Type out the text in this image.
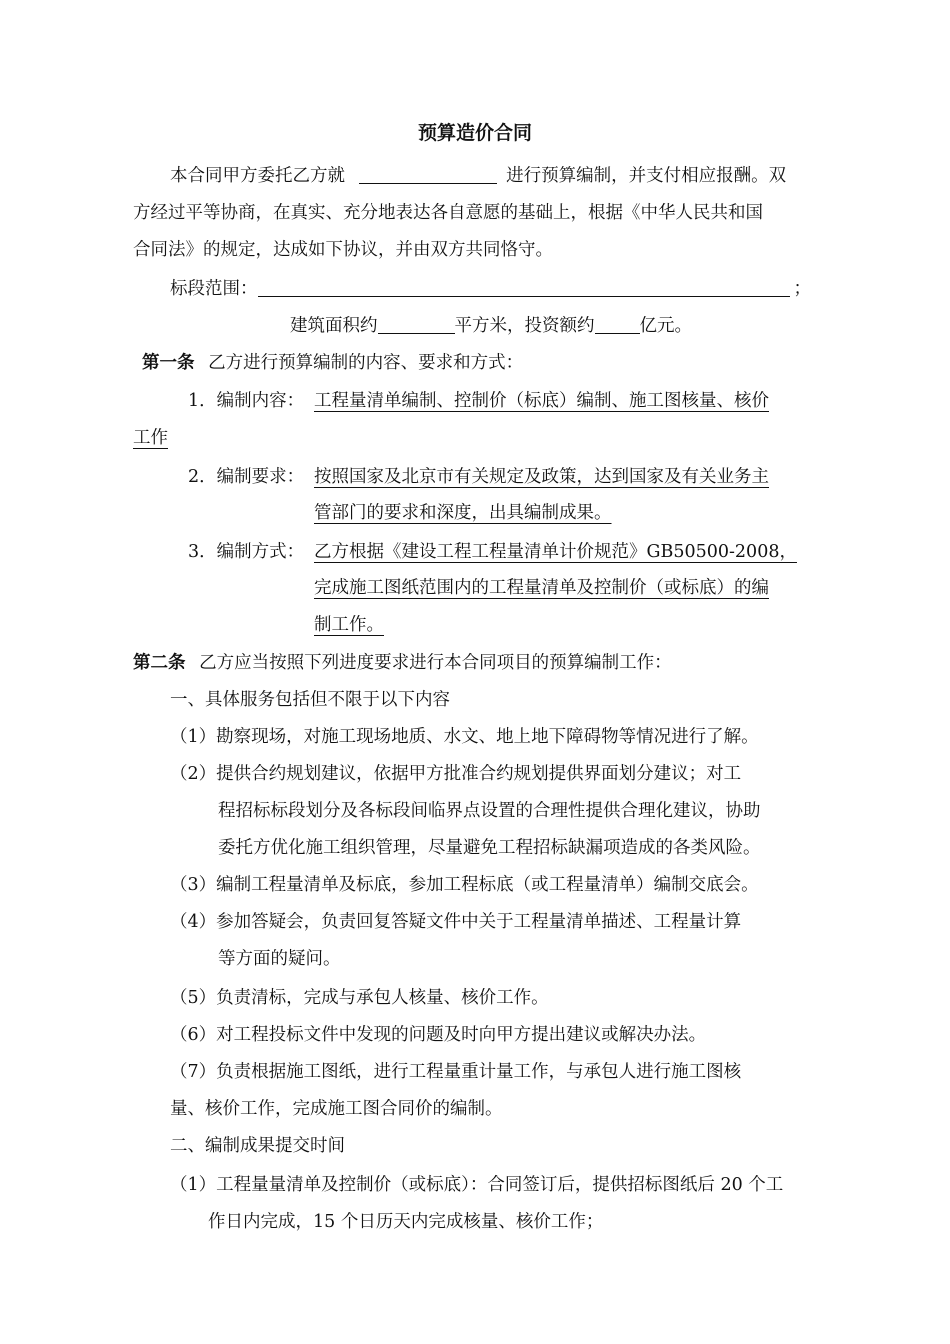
预算造价合同
本合同甲方委托乙方就	进行预算编制，并支付相应报酬。双
方经过平等协商，在真实、充分地表达各自意愿的基础上，根据《中华人民共和国
合同法》的规定，达成如下协议，并由双方共同恪守。
标段范围：	；
建筑面积约	平方米，投资额约	亿元。
第一条 乙方进行预算编制的内容、要求和方式：
1．编制内容： 工程量清单编制、控制价（标底）编制、施工图核量、核价
工作
2．编制要求： 按照国家及北京市有关规定及政策，达到国家及有关业务主
管部门的要求和深度，出具编制成果。
3．编制方式： 乙方根据《建设工程工程量清单计价规范》GB50500-2008，
完成施工图纸范围内的工程量清单及控制价（或标底）的编
制工作。
第二条 乙方应当按照下列进度要求进行本合同项目的预算编制工作：
一、具体服务包括但不限于以下内容
（1）勘察现场，对施工现场地质、水文、地上地下障碍物等情况进行了解。
（2）提供合约规划建议，依据甲方批准合约规划提供界面划分建议；对工
程招标标段划分及各标段间临界点设置的合理性提供合理化建议，协助
委托方优化施工组织管理，尽量避免工程招标缺漏项造成的各类风险。
（3）编制工程量清单及标底，参加工程标底（或工程量清单）编制交底会。
（4）参加答疑会，负责回复答疑文件中关于工程量清单描述、工程量计算
等方面的疑问。
（5）负责清标，完成与承包人核量、核价工作。
（6）对工程投标文件中发现的问题及时向甲方提出建议或解决办法。
（7）负责根据施工图纸，进行工程量重计量工作，与承包人进行施工图核
量、核价工作，完成施工图合同价的编制。
二、编制成果提交时间
（1）工程量量清单及控制价（或标底）：合同签订后，提供招标图纸后 20 个工
作日内完成，15 个日历天内完成核量、核价工作；
